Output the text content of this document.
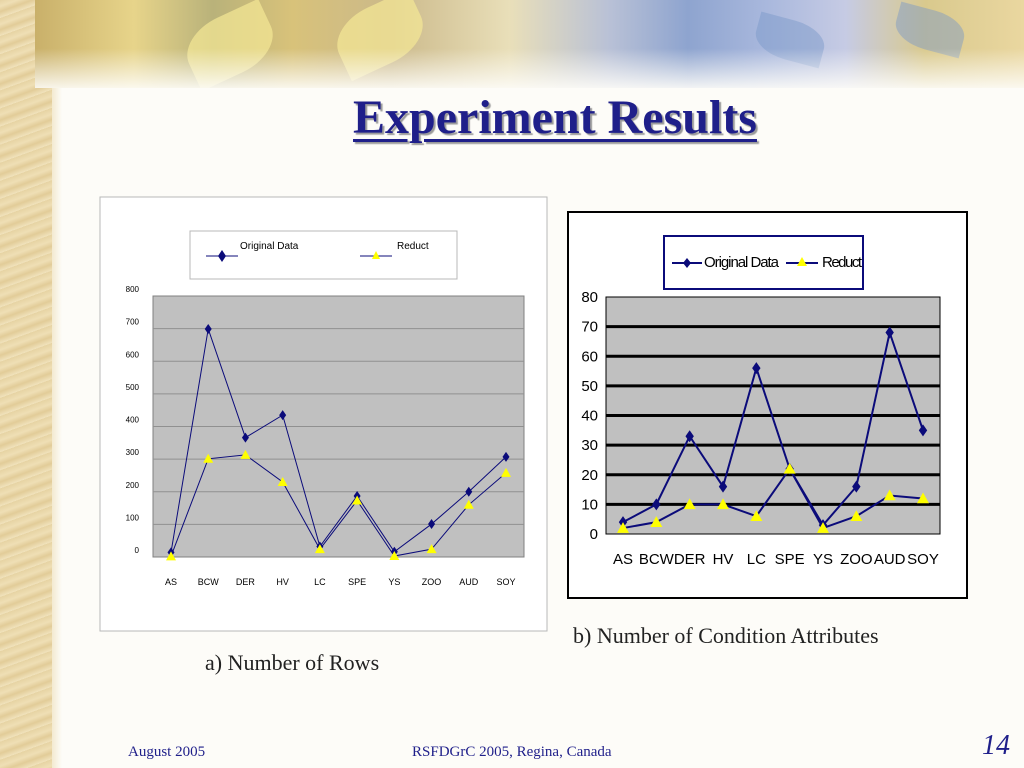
Experiment Results
Original Data	Reduct
0
100
200
300
400
500
600
700
800
AS BCW DER HV	LC SPE YS ZOO AUD SOY
Original Data	Reduct
0
10
20
30
40
50
60
70
80
AS BCW DER HV LC SPE YS ZOO AUD SOY
a) Number of Rows
b) Number of Condition Attributes
August 2005	RSFDGrC 2005, Regina, Canada	14
